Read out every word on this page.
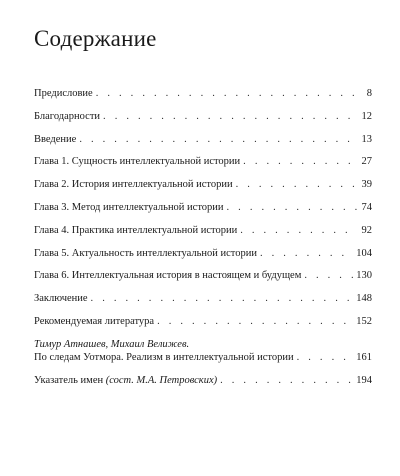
Содержание
Предисловие . . .	8
Благодарности . . .	12
Введение . . .	13
Глава 1. Сущность интеллектуальной истории . . .	27
Глава 2. История интеллектуальной истории . . .	39
Глава 3. Метод интеллектуальной истории . . .	74
Глава 4. Практика интеллектуальной истории . . .	92
Глава 5. Актуальность интеллектуальной истории . . .	104
Глава 6. Интеллектуальная история в настоящем и будущем . . .	130
Заключение . . .	148
Рекомендуемая литература . . .	152
Тимур Атнашев, Михаил Велижев.
По следам Уотмора. Реализм в интеллектуальной истории . . .	161
Указатель имен (сост. М.А. Петровских) . . .	194
